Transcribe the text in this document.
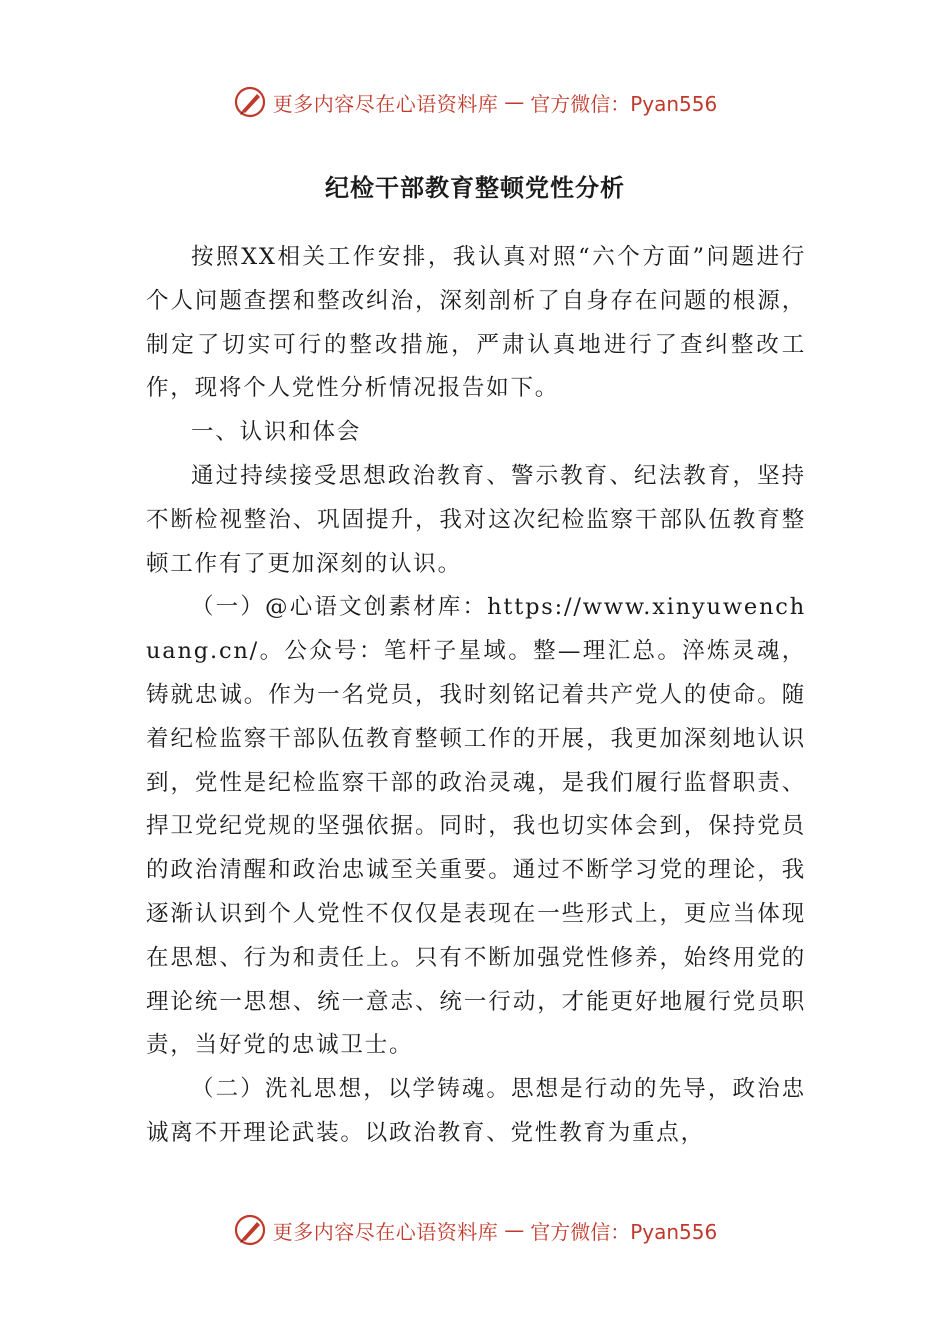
更多内容尽在心语资料库 — 官方微信：Pyan556
纪检干部教育整顿党性分析

按照XX相关工作安排，我认真对照“六个方面”问题进行个人问题查摆和整改纠治，深刻剖析了自身存在问题的根源，制定了切实可行的整改措施，严肃认真地进行了查纠整改工作，现将个人党性分析情况报告如下。

一、认识和体会

通过持续接受思想政治教育、警示教育、纪法教育，坚持不断检视整治、巩固提升，我对这次纪检监察干部队伍教育整顿工作有了更加深刻的认识。

（一）@心语文创素材库：https://www.xinyuwenchuang.cn/。公众号：笔杆子星域。整—理汇总。淬炼灵魂，铸就忠诚。作为一名党员，我时刻铭记着共产党人的使命。随着纪检监察干部队伍教育整顿工作的开展，我更加深刻地认识到，党性是纪检监察干部的政治灵魂，是我们履行监督职责、捍卫党纪党规的坚强依据。同时，我也切实体会到，保持党员的政治清醒和政治忠诚至关重要。通过不断学习党的理论，我逐渐认识到个人党性不仅仅是表现在一些形式上，更应当体现在思想、行为和责任上。只有不断加强党性修养，始终用党的理论统一思想、统一意志、统一行动，才能更好地履行党员职责，当好党的忠诚卫士。

（二）洗礼思想，以学铸魂。思想是行动的先导，政治忠诚离不开理论武装。以政治教育、党性教育为重点，

更多内容尽在心语资料库 — 官方微信：Pyan556
